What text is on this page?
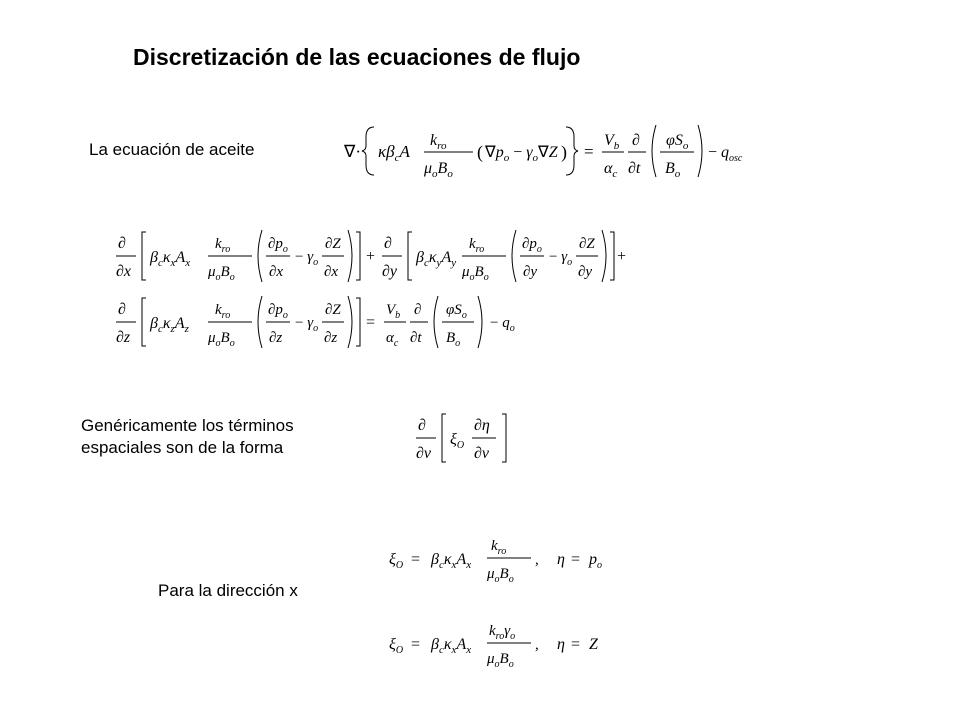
Discretización de las ecuaciones de flujo

La ecuación de aceite

Genéricamente los términos

espaciales son de la forma

Para la dirección x

∇· $\kappa\beta_cA$
$k_{ro}$
$\mu_oB_o$
( $\nabla p_o - \gamma_o\nabla Z$ ) =
$V_b$
$\alpha_c$
∂
∂t
$\varphi S_o$
$B_o$
− $q_{osc}$
∂
∂x
$\beta_c\kappa_xA_x$
$k_{ro}$
$\mu_oB_o$
$\partial p_o$
∂x
− $\gamma_o$
∂Z
∂x
+
∂
∂y
$\beta_c\kappa_yA_y$
$k_{ro}$
$\mu_oB_o$
$\partial p_o$
∂y
− $\gamma_o$
∂Z
∂y
+
∂
∂z
$\beta_c\kappa_zA_z$
$k_{ro}$
$\mu_oB_o$
$\partial p_o$
∂z
− $\gamma_o$
∂Z
∂z
=
$V_b$
$\alpha_c$
∂
∂t
$\varphi S_o$
$B_o$
− $q_o$
∂
∂v
$\xi_O$
∂η
∂v
$\xi_O = \beta_c\kappa_xA_x$
$k_{ro}$
$\mu_oB_o$
, $\eta = p_o$
$\xi_O = \beta_c\kappa_xA_x$
$k_{ro}\gamma_o$
$\mu_oB_o$
, η = Z
